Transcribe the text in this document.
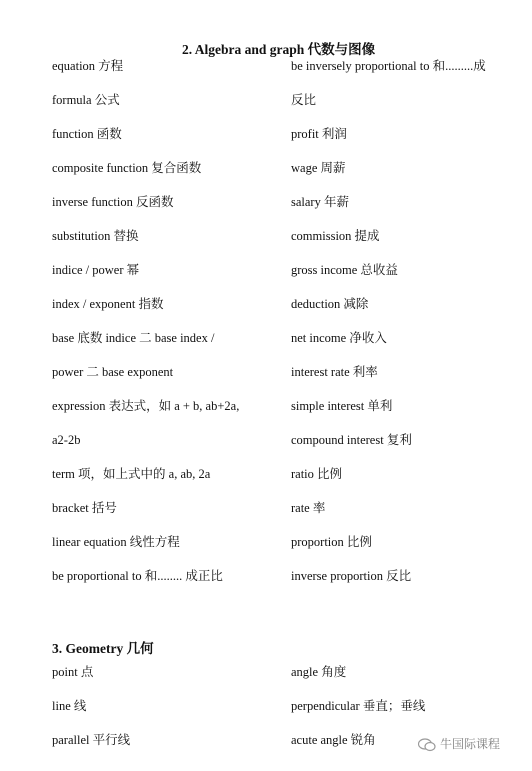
2. Algebra and graph 代数与图像
equation 方程
formula 公式
function 函数
composite function 复合函数
inverse function 反函数
substitution 替换
indice / power 幂
index / exponent 指数
base 底数 indice 二 base index /
power 二 base exponent
expression 表达式，如 a + b, ab+2a,
a2-2b
term 项，如上式中的 a, ab, 2a
bracket 括号
linear equation 线性方程
be proportional to 和........ 成正比
be inversely proportional to 和.........成
反比
profit 利润
wage 周薪
salary 年薪
commission 提成
gross income 总收益
deduction 减除
net income 净收入
interest rate 利率
simple interest 单利
compound interest 复利
ratio 比例
rate 率
proportion 比例
inverse proportion 反比
3. Geometry 几何
point 点
line 线
parallel 平行线
angle 角度
perpendicular 垂直；垂线
acute angle 锐角	牛国际课程
